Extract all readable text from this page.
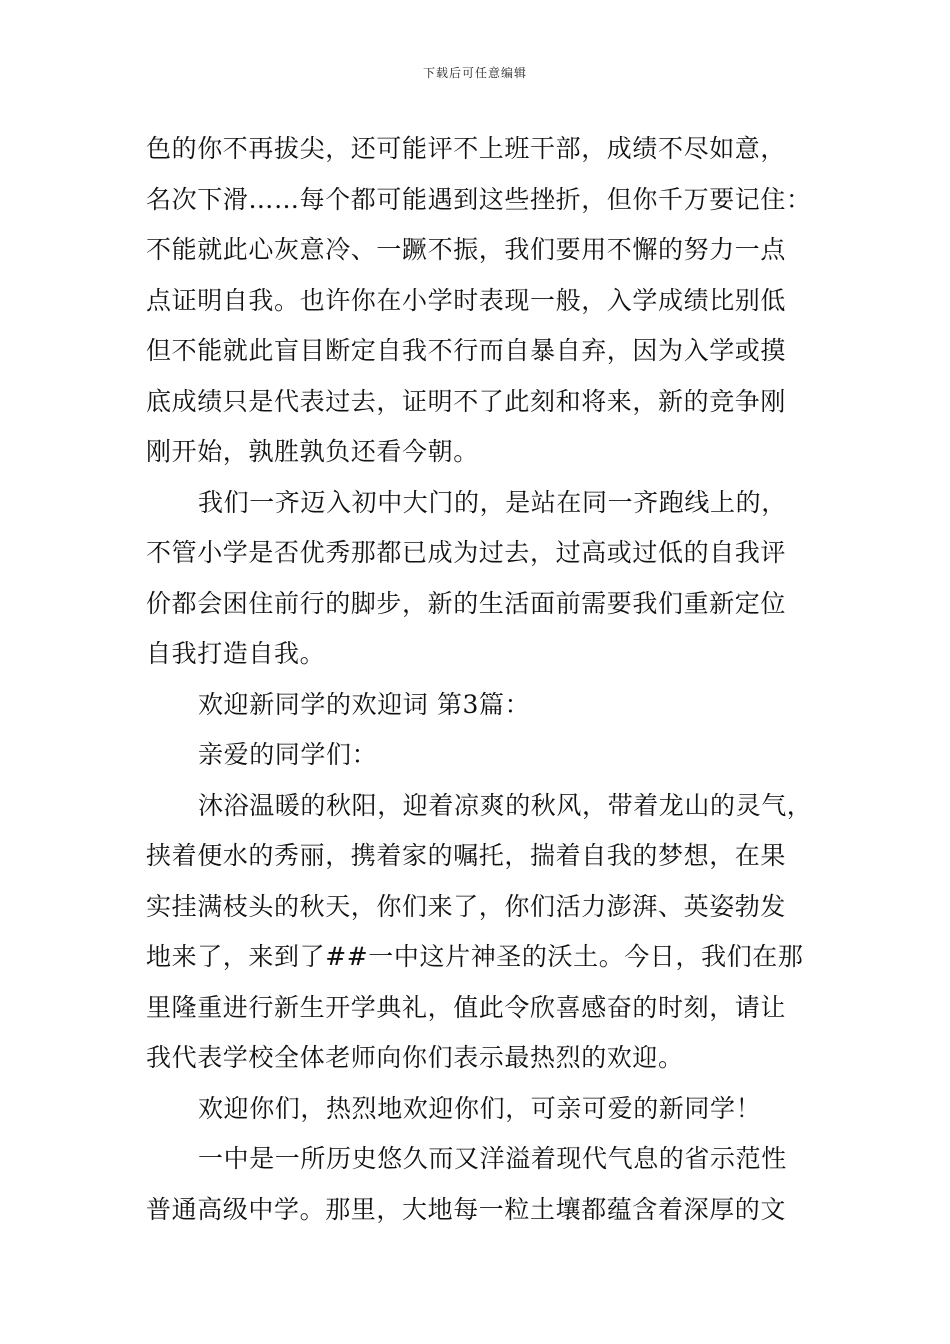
下载后可任意编辑
色的你不再拔尖，还可能评不上班干部，成绩不尽如意，
名次下滑……每个都可能遇到这些挫折，但你千万要记住：
不能就此心灰意冷、一蹶不振，我们要用不懈的努力一点
点证明自我。也许你在小学时表现一般，入学成绩比别低
但不能就此盲目断定自我不行而自暴自弃，因为入学或摸
底成绩只是代表过去，证明不了此刻和将来，新的竞争刚
刚开始，孰胜孰负还看今朝。
我们一齐迈入初中大门的，是站在同一齐跑线上的，
不管小学是否优秀那都已成为过去，过高或过低的自我评
价都会困住前行的脚步，新的生活面前需要我们重新定位
自我打造自我。
欢迎新同学的欢迎词 第3篇：
亲爱的同学们：
沐浴温暖的秋阳，迎着凉爽的秋风，带着龙山的灵气，
挟着便水的秀丽，携着家的嘱托，揣着自我的梦想，在果
实挂满枝头的秋天，你们来了，你们活力澎湃、英姿勃发
地来了，来到了##一中这片神圣的沃土。今日，我们在那
里隆重进行新生开学典礼，值此令欣喜感奋的时刻，请让
我代表学校全体老师向你们表示最热烈的欢迎。
欢迎你们，热烈地欢迎你们，可亲可爱的新同学！
一中是一所历史悠久而又洋溢着现代气息的省示范性
普通高级中学。那里，大地每一粒土壤都蕴含着深厚的文
